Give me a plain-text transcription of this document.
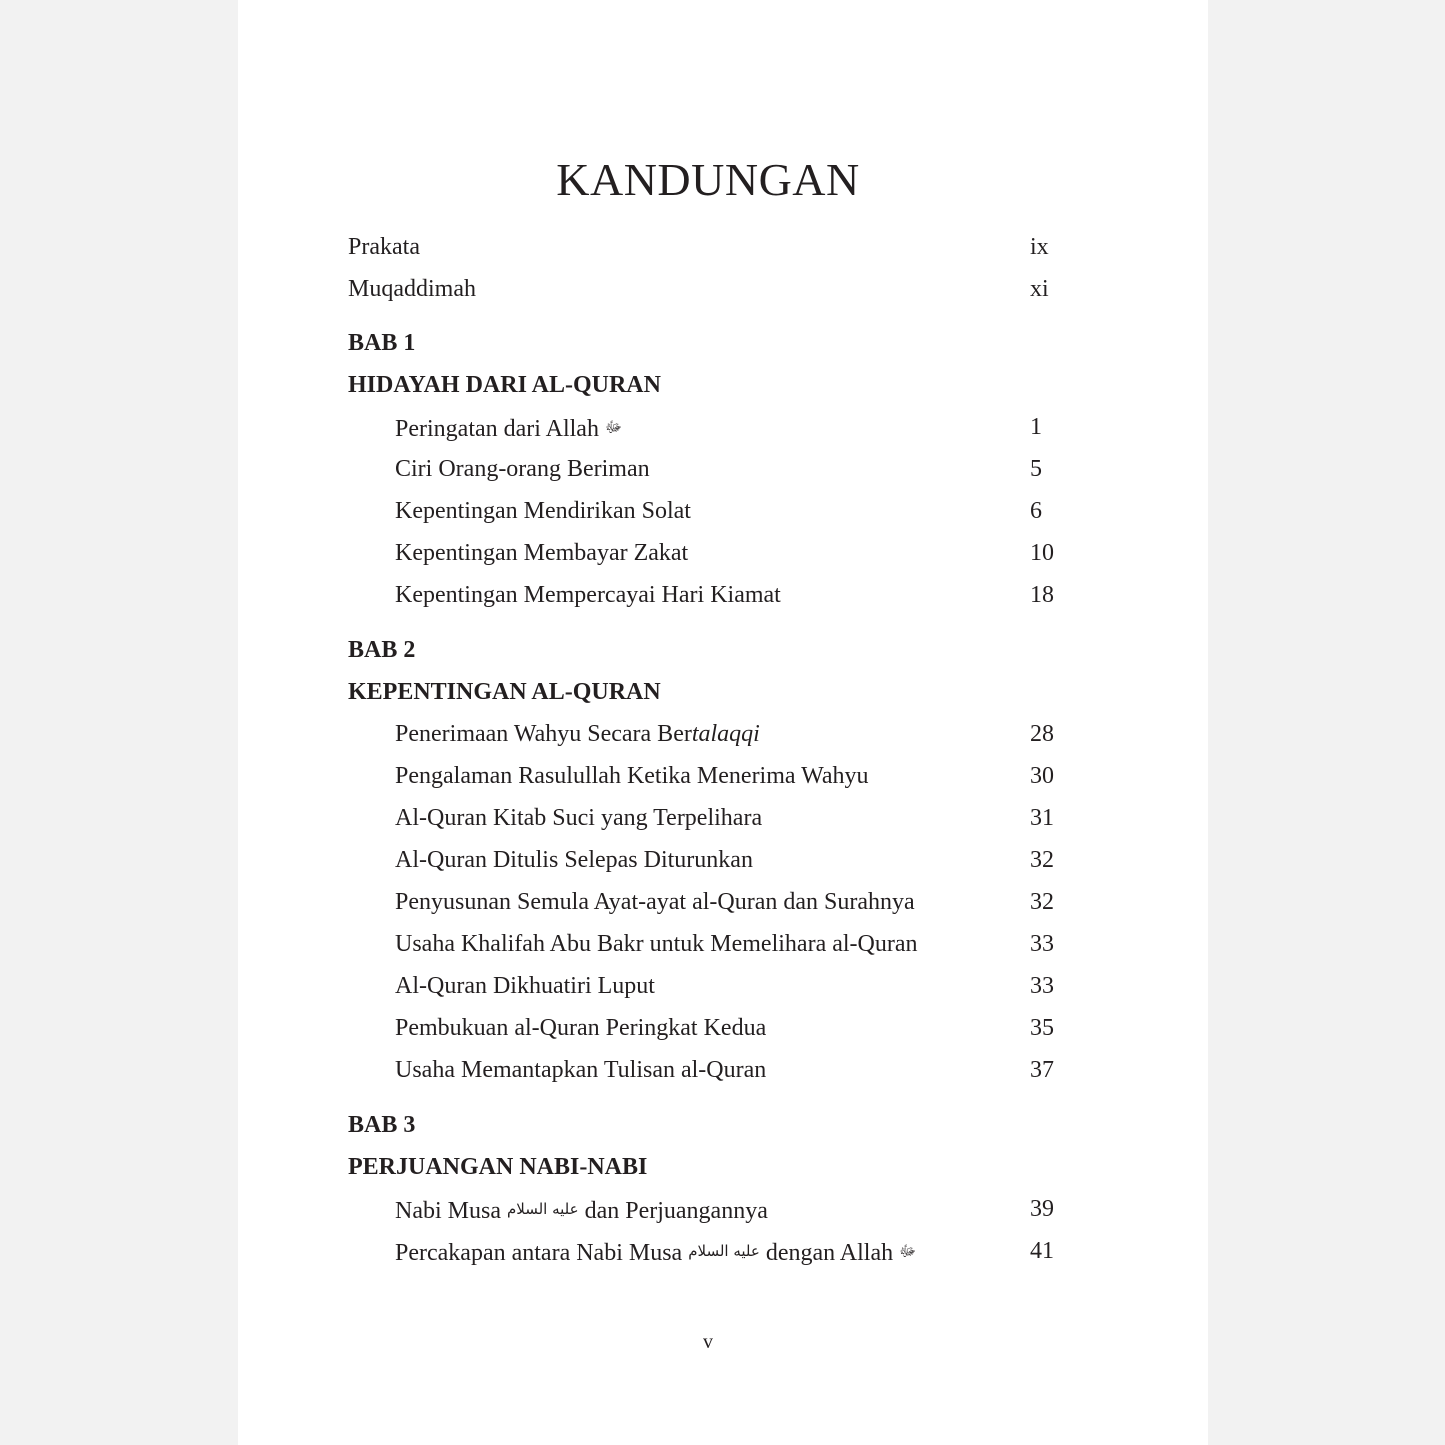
KANDUNGAN
Prakata	ix
Muqaddimah	xi
BAB 1
HIDAYAH DARI AL-QURAN
Peringatan dari Allah ﷻ	1
Ciri Orang-orang Beriman	5
Kepentingan Mendirikan Solat	6
Kepentingan Membayar Zakat	10
Kepentingan Mempercayai Hari Kiamat	18
BAB 2
KEPENTINGAN AL-QURAN
Penerimaan Wahyu Secara Bertalaqqi	28
Pengalaman Rasulullah Ketika Menerima Wahyu	30
Al-Quran Kitab Suci yang Terpelihara	31
Al-Quran Ditulis Selepas Diturunkan	32
Penyusunan Semula Ayat-ayat al-Quran dan Surahnya	32
Usaha Khalifah Abu Bakr untuk Memelihara al-Quran	33
Al-Quran Dikhuatiri Luput	33
Pembukuan al-Quran Peringkat Kedua	35
Usaha Memantapkan Tulisan al-Quran	37
BAB 3
PERJUANGAN NABI-NABI
Nabi Musa عليه السلام dan Perjuangannya	39
Percakapan antara Nabi Musa عليه السلام dengan Allah ﷻ	41
v
